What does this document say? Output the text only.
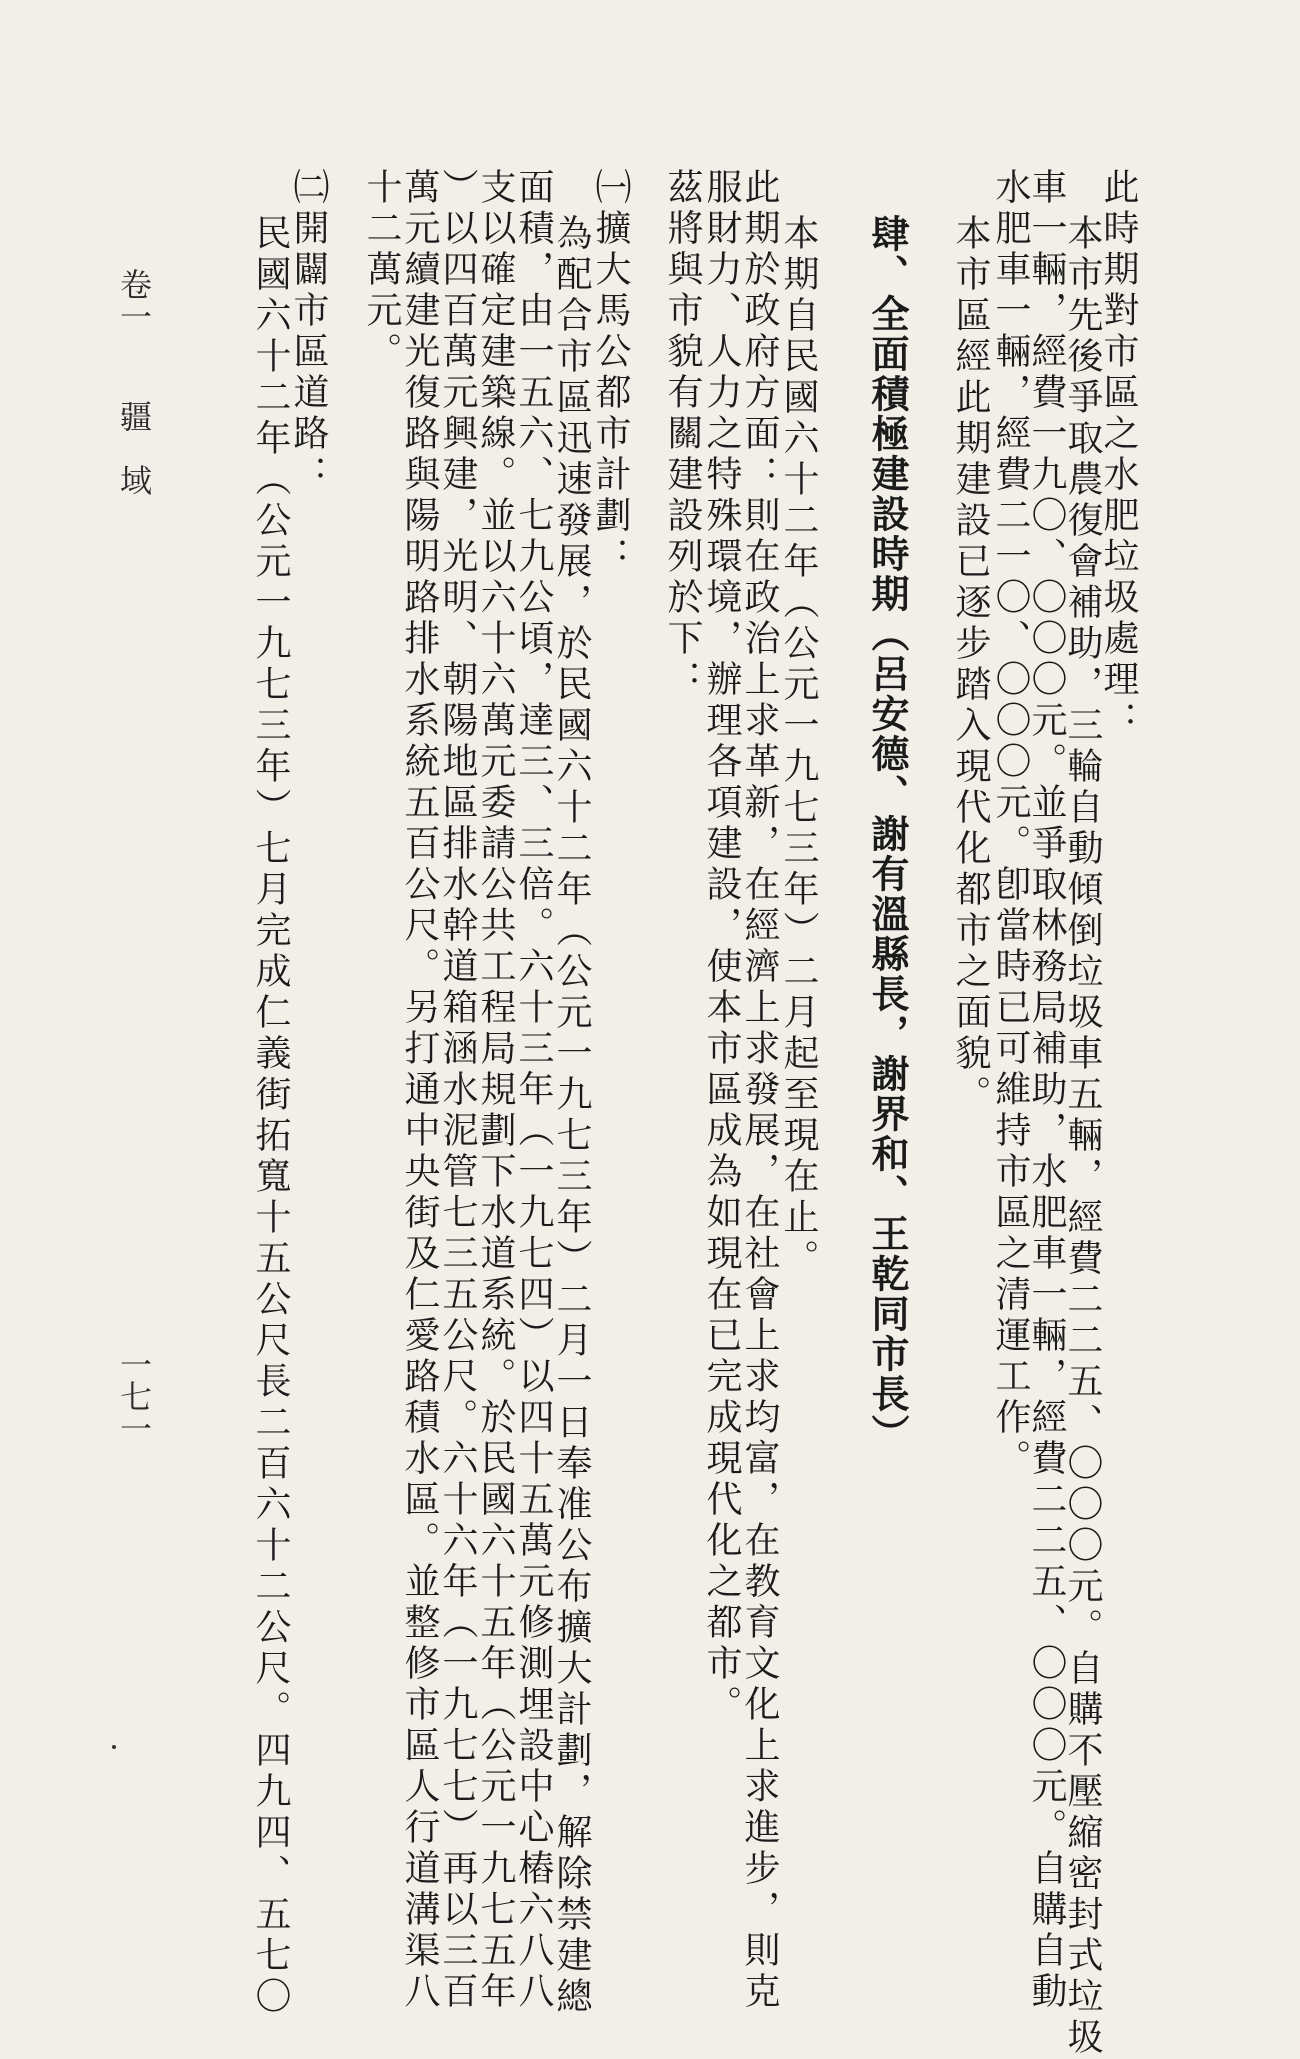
此時期對市區之水肥垃圾處理：
本市先後爭取農復會補助，三輪自動傾倒垃圾車五輛，經費二二五、〇〇〇元。自購不壓縮密封式垃圾
車一輛，經費一九〇、〇〇〇元。並爭取林務局補助，水肥車一輛，經費二二五、〇〇〇元。自購自動
水肥車一輛，經費二一〇、〇〇〇元。卽當時已可維持市區之清運工作。
本市區經此期建設已逐步踏入現代化都市之面貌。
肆、全面積極建設時期（呂安德、謝有溫縣長，謝界和、王乾同市長）
本期自民國六十二年（公元一九七三年）二月起至現在止。
此期於政府方面：則在政治上求革新，在經濟上求發展，在社會上求均富，在教育文化上求進步，則克
服財力、人力之特殊環境，辦理各項建設，使本市區成為如現在已完成現代化之都市。
茲將與市貌有關建設列於下：
㈠擴大馬公都市計劃：
為配合市區迅速發展，於民國六十二年（公元一九七三年）二月一日奉准公布擴大計劃，解除禁建總
面積，由一五六、七九公頃，達三、三倍。六十三年（一九七四）以四十五萬元修測埋設中心樁六八八
支以確定建築線。並以六十六萬元委請公共工程局規劃下水道系統。於民國六十五年（公元一九七五年
）以四百萬元興建，光明、朝陽地區排水幹道箱涵水泥管七三五公尺。六十六年（一九七七）再以三百
萬元續建光復路與陽明路排水系統五百公尺。另打通中央街及仁愛路積水區。並整修市區人行道溝渠八
十二萬元。
㈡開闢市區道路：
民國六十二年（公元一九七三年）七月完成仁義街拓寬十五公尺長二百六十二公尺。四九四、五七〇
卷一
疆　域
一七一
